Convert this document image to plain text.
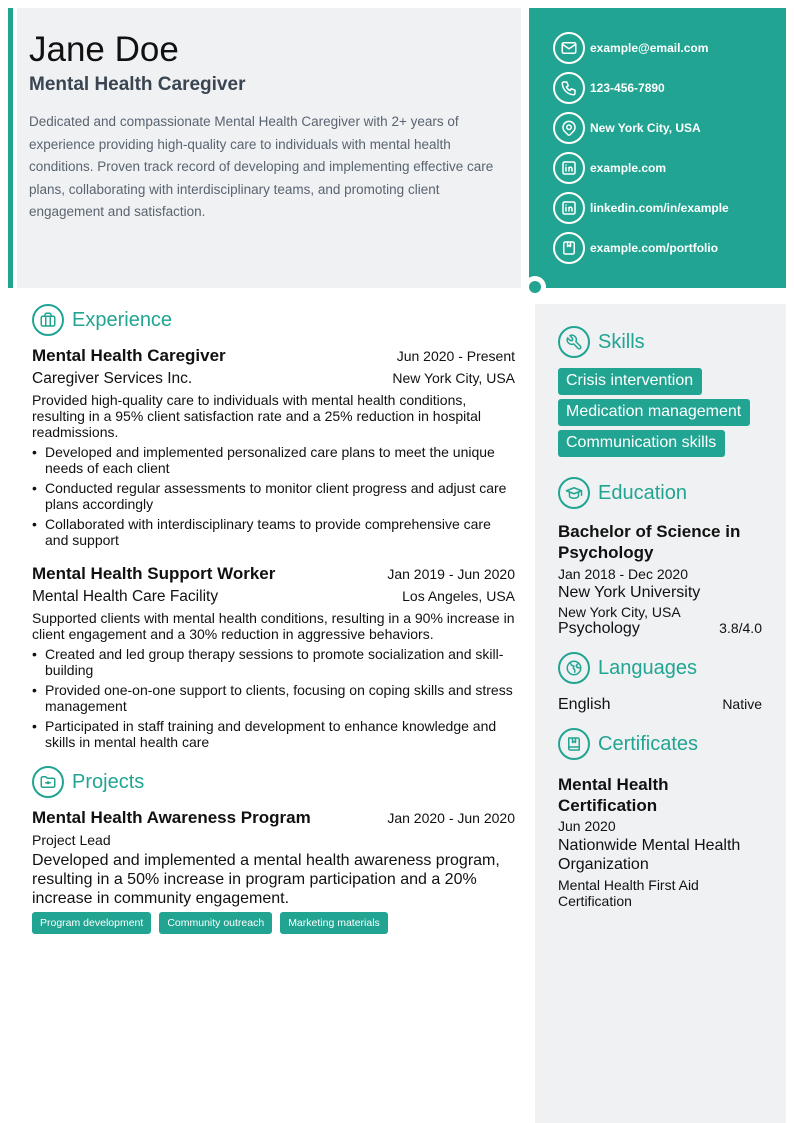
Jane Doe
Mental Health Caregiver

Dedicated and compassionate Mental Health Caregiver with 2+ years of experience providing high-quality care to individuals with mental health conditions. Proven track record of developing and implementing effective care plans, collaborating with interdisciplinary teams, and promoting client engagement and satisfaction.

example@email.com
123-456-7890
New York City, USA
example.com
linkedin.com/in/example
example.com/portfolio
Experience
Mental Health Caregiver	Jun 2020 - Present
Caregiver Services Inc.	New York City, USA

Provided high-quality care to individuals with mental health conditions, resulting in a 95% client satisfaction rate and a 25% reduction in hospital readmissions.

• Developed and implemented personalized care plans to meet the unique needs of each client
• Conducted regular assessments to monitor client progress and adjust care plans accordingly
• Collaborated with interdisciplinary teams to provide comprehensive care and support
Mental Health Support Worker	Jan 2019 - Jun 2020
Mental Health Care Facility	Los Angeles, USA

Supported clients with mental health conditions, resulting in a 90% increase in client engagement and a 30% reduction in aggressive behaviors.

• Created and led group therapy sessions to promote socialization and skill-building
• Provided one-on-one support to clients, focusing on coping skills and stress management
• Participated in staff training and development to enhance knowledge and skills in mental health care
Projects
Mental Health Awareness Program	Jan 2020 - Jun 2020
Project Lead

Developed and implemented a mental health awareness program, resulting in a 50% increase in program participation and a 20% increase in community engagement.

Program development	Community outreach	Marketing materials
Skills
Crisis intervention
Medication management
Communication skills
Education
Bachelor of Science in Psychology
Jan 2018 - Dec 2020
New York University
New York City, USA
Psychology	3.8/4.0
Languages
English	Native
Certificates
Mental Health Certification
Jun 2020
Nationwide Mental Health Organization
Mental Health First Aid Certification
